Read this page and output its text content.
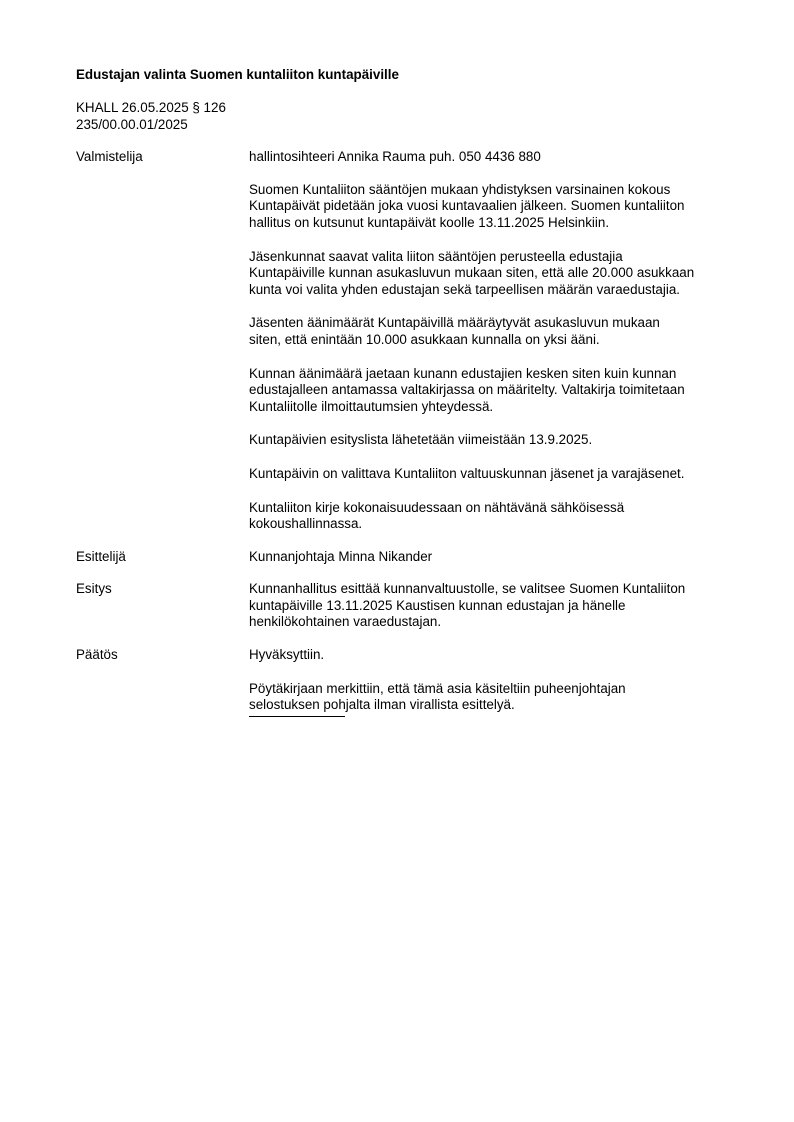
Edustajan valinta Suomen kuntaliiton kuntapäiville
KHALL 26.05.2025 § 126
235/00.00.01/2025
Valmistelija	hallintosihteeri Annika Rauma puh. 050 4436 880

Suomen Kuntaliiton sääntöjen mukaan yhdistyksen varsinainen kokous
Kuntapäivät pidetään joka vuosi kuntavaalien jälkeen. Suomen kuntaliiton
hallitus on kutsunut kuntapäivät koolle 13.11.2025 Helsinkiin.

Jäsenkunnat saavat valita liiton sääntöjen perusteella edustajia
Kuntapäiville kunnan asukasluvun mukaan siten, että alle 20.000 asukkaan
kunta voi valita yhden edustajan sekä tarpeellisen määrän varaedustajia.

Jäsenten äänimäärät Kuntapäivillä määräytyvät asukasluvun mukaan
siten, että enintään 10.000 asukkaan kunnalla on yksi ääni.

Kunnan äänimäärä jaetaan kunann edustajien kesken siten kuin kunnan
edustajalleen antamassa valtakirjassa on määritelty. Valtakirja toimitetaan
Kuntaliitolle ilmoittautumsien yhteydessä.

Kuntapäivien esityslista lähetetään viimeistään 13.9.2025.

Kuntapäivin on valittava Kuntaliiton valtuuskunnan jäsenet ja varajäsenet.

Kuntaliiton kirje kokonaisuudessaan on nähtävänä sähköisessä
kokoushallinnassa.

Esittelijä	Kunnanjohtaja Minna Nikander

Esitys	Kunnanhallitus esittää kunnanvaltuustolle, se valitsee Suomen Kuntaliiton
kuntapäiville 13.11.2025 Kaustisen kunnan edustajan ja hänelle
henkilökohtainen varaedustajan.

Päätös	Hyväksyttiin.

Pöytäkirjaan merkittiin, että tämä asia käsiteltiin puheenjohtajan
selostuksen pohjalta ilman virallista esittelyä.
